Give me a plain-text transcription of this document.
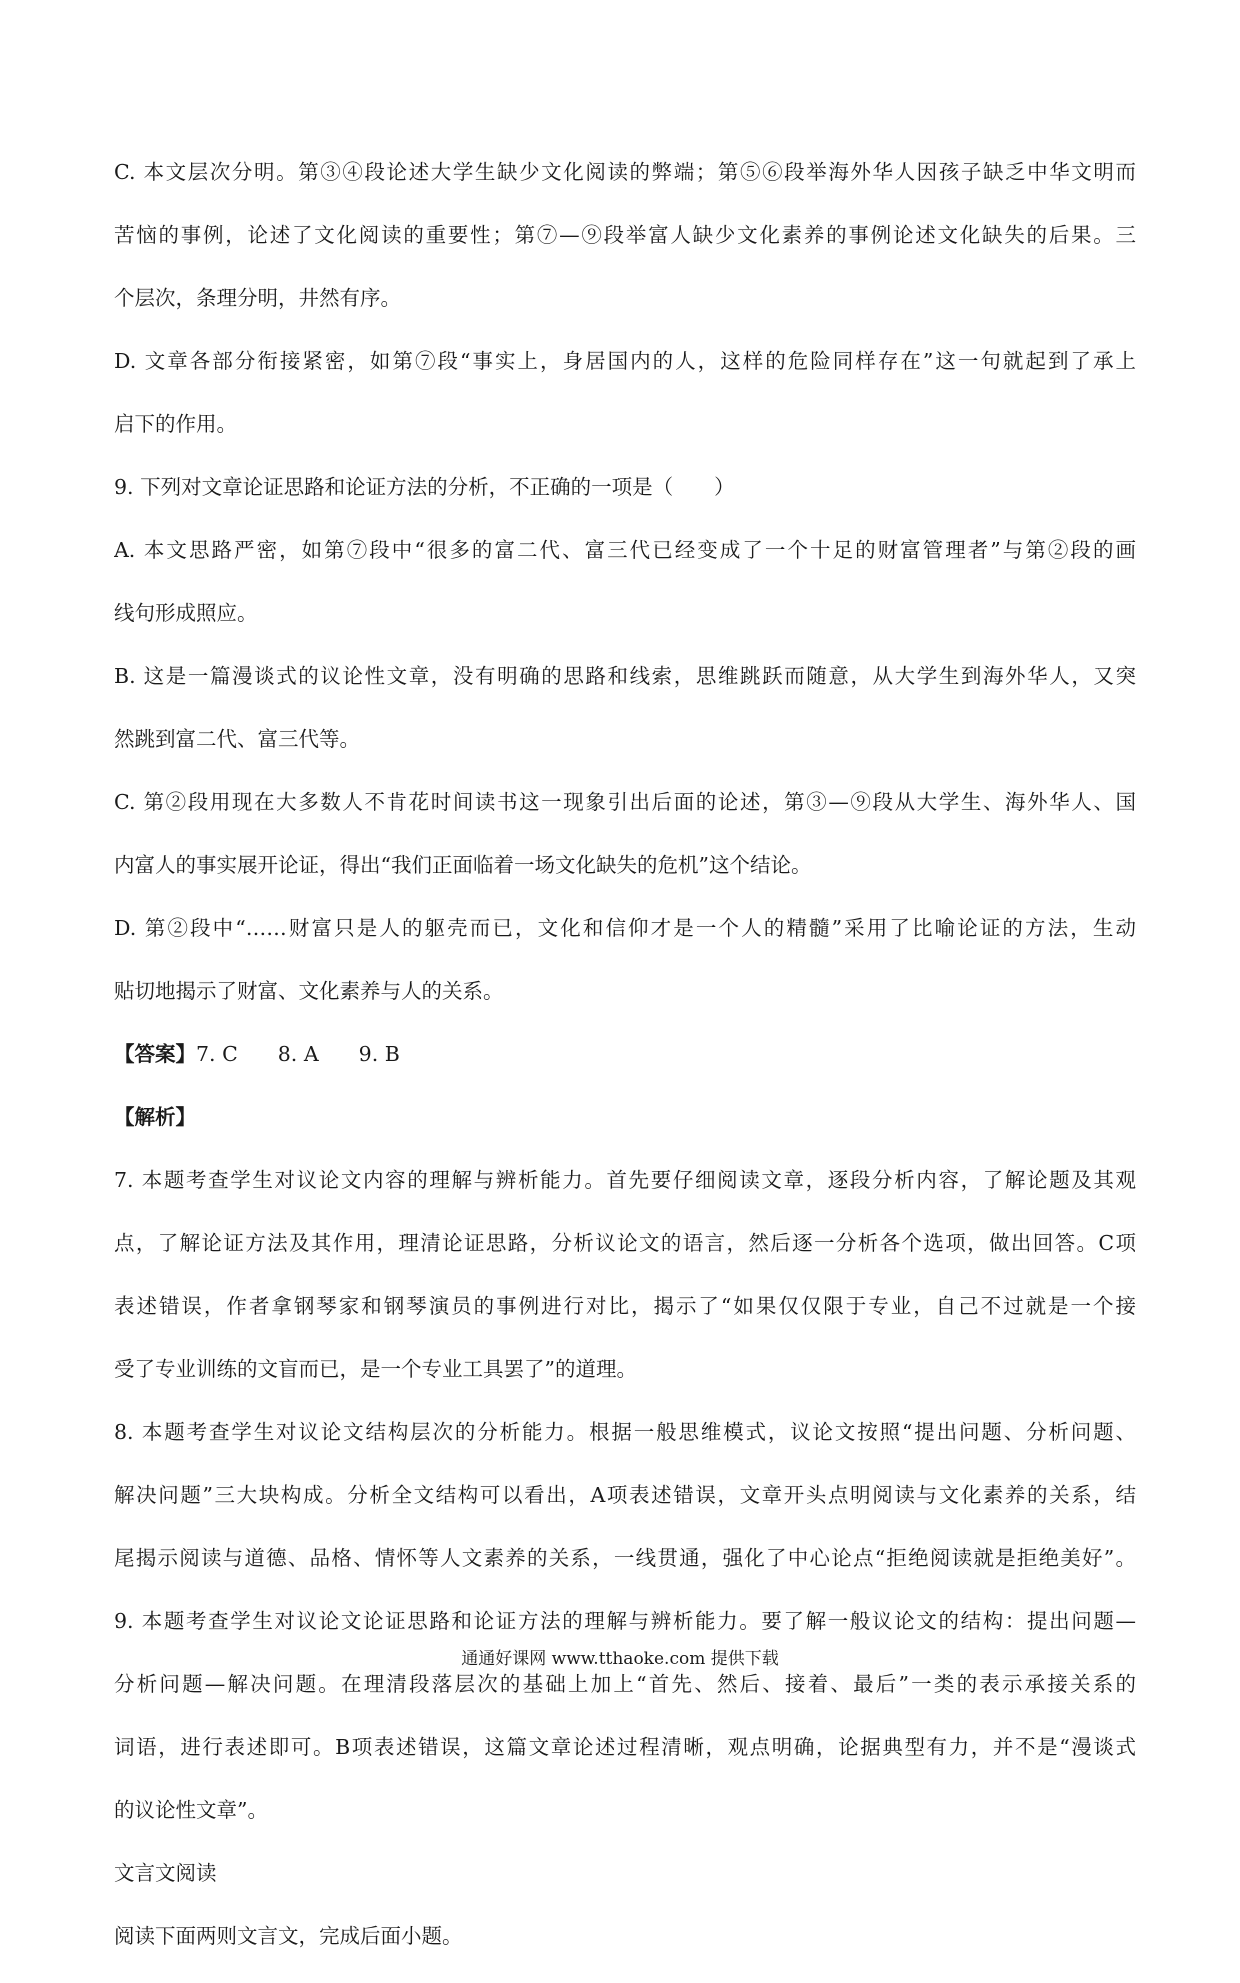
C. 本文层次分明。第③④段论述大学生缺少文化阅读的弊端；第⑤⑥段举海外华人因孩子缺乏中华文明而
苦恼的事例，论述了文化阅读的重要性；第⑦—⑨段举富人缺少文化素养的事例论述文化缺失的后果。三
个层次，条理分明，井然有序。
D. 文章各部分衔接紧密，如第⑦段“事实上，身居国内的人，这样的危险同样存在”这一句就起到了承上
启下的作用。
9. 下列对文章论证思路和论证方法的分析，不正确的一项是（　　）
A. 本文思路严密，如第⑦段中“很多的富二代、富三代已经变成了一个十足的财富管理者”与第②段的画
线句形成照应。
B. 这是一篇漫谈式的议论性文章，没有明确的思路和线索，思维跳跃而随意，从大学生到海外华人，又突
然跳到富二代、富三代等。
C. 第②段用现在大多数人不肯花时间读书这一现象引出后面的论述，第③—⑨段从大学生、海外华人、国
内富人的事实展开论证，得出“我们正面临着一场文化缺失的危机”这个结论。
D. 第②段中“……财富只是人的躯壳而已，文化和信仰才是一个人的精髓”采用了比喻论证的方法，生动
贴切地揭示了财富、文化素养与人的关系。
【答案】7. C 8. A 9. B
【解析】
7. 本题考查学生对议论文内容的理解与辨析能力。首先要仔细阅读文章，逐段分析内容，了解论题及其观
点，了解论证方法及其作用，理清论证思路，分析议论文的语言，然后逐一分析各个选项，做出回答。C项
表述错误，作者拿钢琴家和钢琴演员的事例进行对比，揭示了“如果仅仅限于专业，自己不过就是一个接
受了专业训练的文盲而已，是一个专业工具罢了”的道理。
8. 本题考查学生对议论文结构层次的分析能力。根据一般思维模式，议论文按照“提出问题、分析问题、
解决问题”三大块构成。分析全文结构可以看出，A项表述错误，文章开头点明阅读与文化素养的关系，结
尾揭示阅读与道德、品格、情怀等人文素养的关系，一线贯通，强化了中心论点“拒绝阅读就是拒绝美好”。
9. 本题考查学生对议论文论证思路和论证方法的理解与辨析能力。要了解一般议论文的结构：提出问题—
分析问题—解决问题。在理清段落层次的基础上加上“首先、然后、接着、最后”一类的表示承接关系的
词语，进行表述即可。B项表述错误，这篇文章论述过程清晰，观点明确，论据典型有力，并不是“漫谈式
的议论性文章”。
文言文阅读
阅读下面两则文言文，完成后面小题。
通通好课网 www.tthaoke.com 提供下载
